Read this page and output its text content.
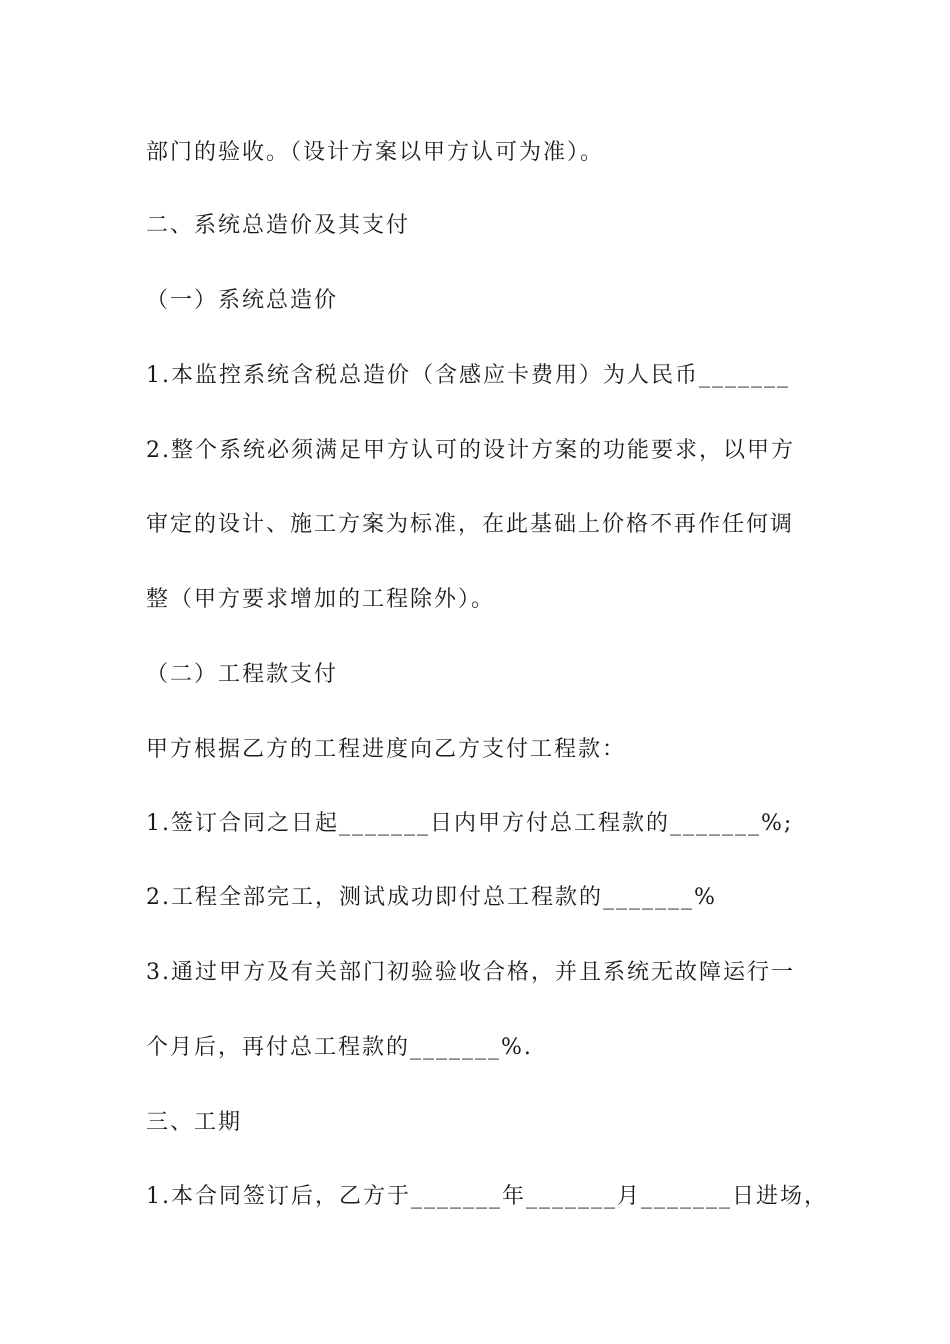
部门的验收。（设计方案以甲方认可为准）。

二、系统总造价及其支付

（一）系统总造价

1.本监控系统含税总造价（含感应卡费用）为人民币_______

2.整个系统必须满足甲方认可的设计方案的功能要求，以甲方

审定的设计、施工方案为标准，在此基础上价格不再作任何调

整（甲方要求增加的工程除外）。

（二）工程款支付

甲方根据乙方的工程进度向乙方支付工程款：

1.签订合同之日起_______日内甲方付总工程款的_______%;

2.工程全部完工，测试成功即付总工程款的_______%

3.通过甲方及有关部门初验验收合格，并且系统无故障运行一

个月后，再付总工程款的_______%.

三、工期

1.本合同签订后，乙方于_______年_______月_______日进场，
